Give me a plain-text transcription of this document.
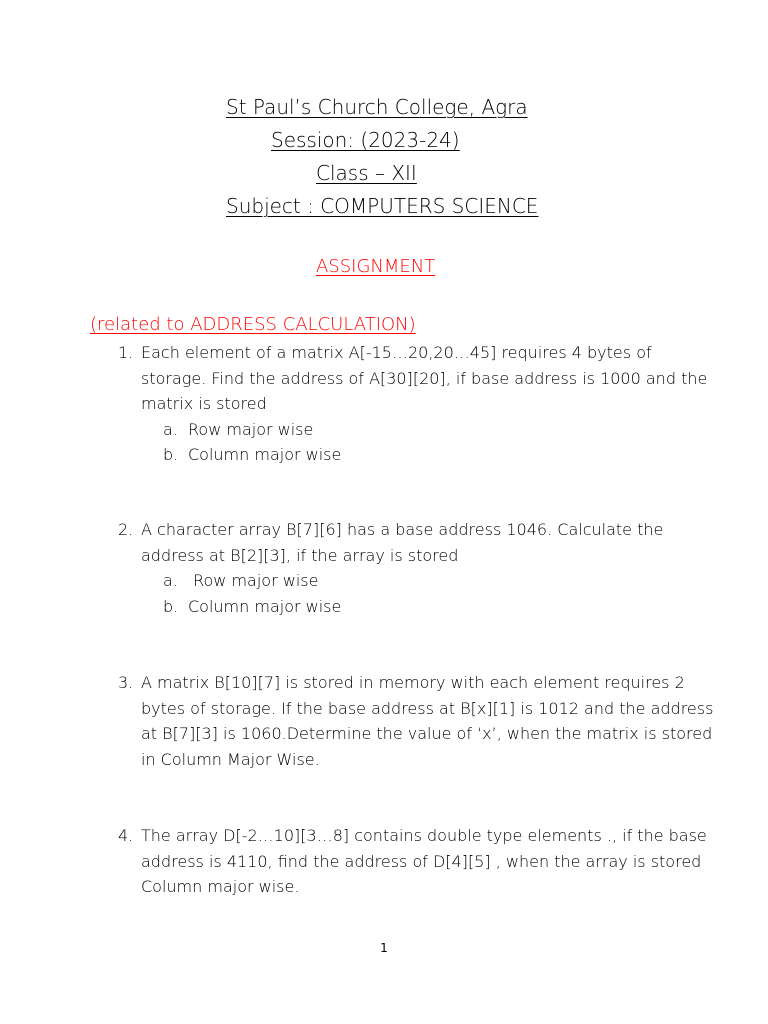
St Paul’s Church College, Agra
Session: (2023-24)
Class – XII
Subject : COMPUTERS SCIENCE
ASSIGNMENT
(related to ADDRESS CALCULATION)
1. Each element of a matrix A[-15…20,20…45] requires 4 bytes of storage. Find the address of A[30][20], if base address is 1000 and the matrix is stored
a. Row major wise
b. Column major wise
2. A character array B[7][6] has a base address 1046. Calculate the address at B[2][3], if the array is stored
a. Row major wise
b. Column major wise
3. A matrix B[10][7] is stored in memory with each element requires 2 bytes of storage. If the base address at B[x][1] is 1012 and the address at B[7][3] is 1060.Determine the value of ‘x’, when the matrix is stored in Column Major Wise.
4. The array D[-2…10][3…8] contains double type elements ., if the base address is 4110, find the address of D[4][5] , when the array is stored Column major wise.
1
